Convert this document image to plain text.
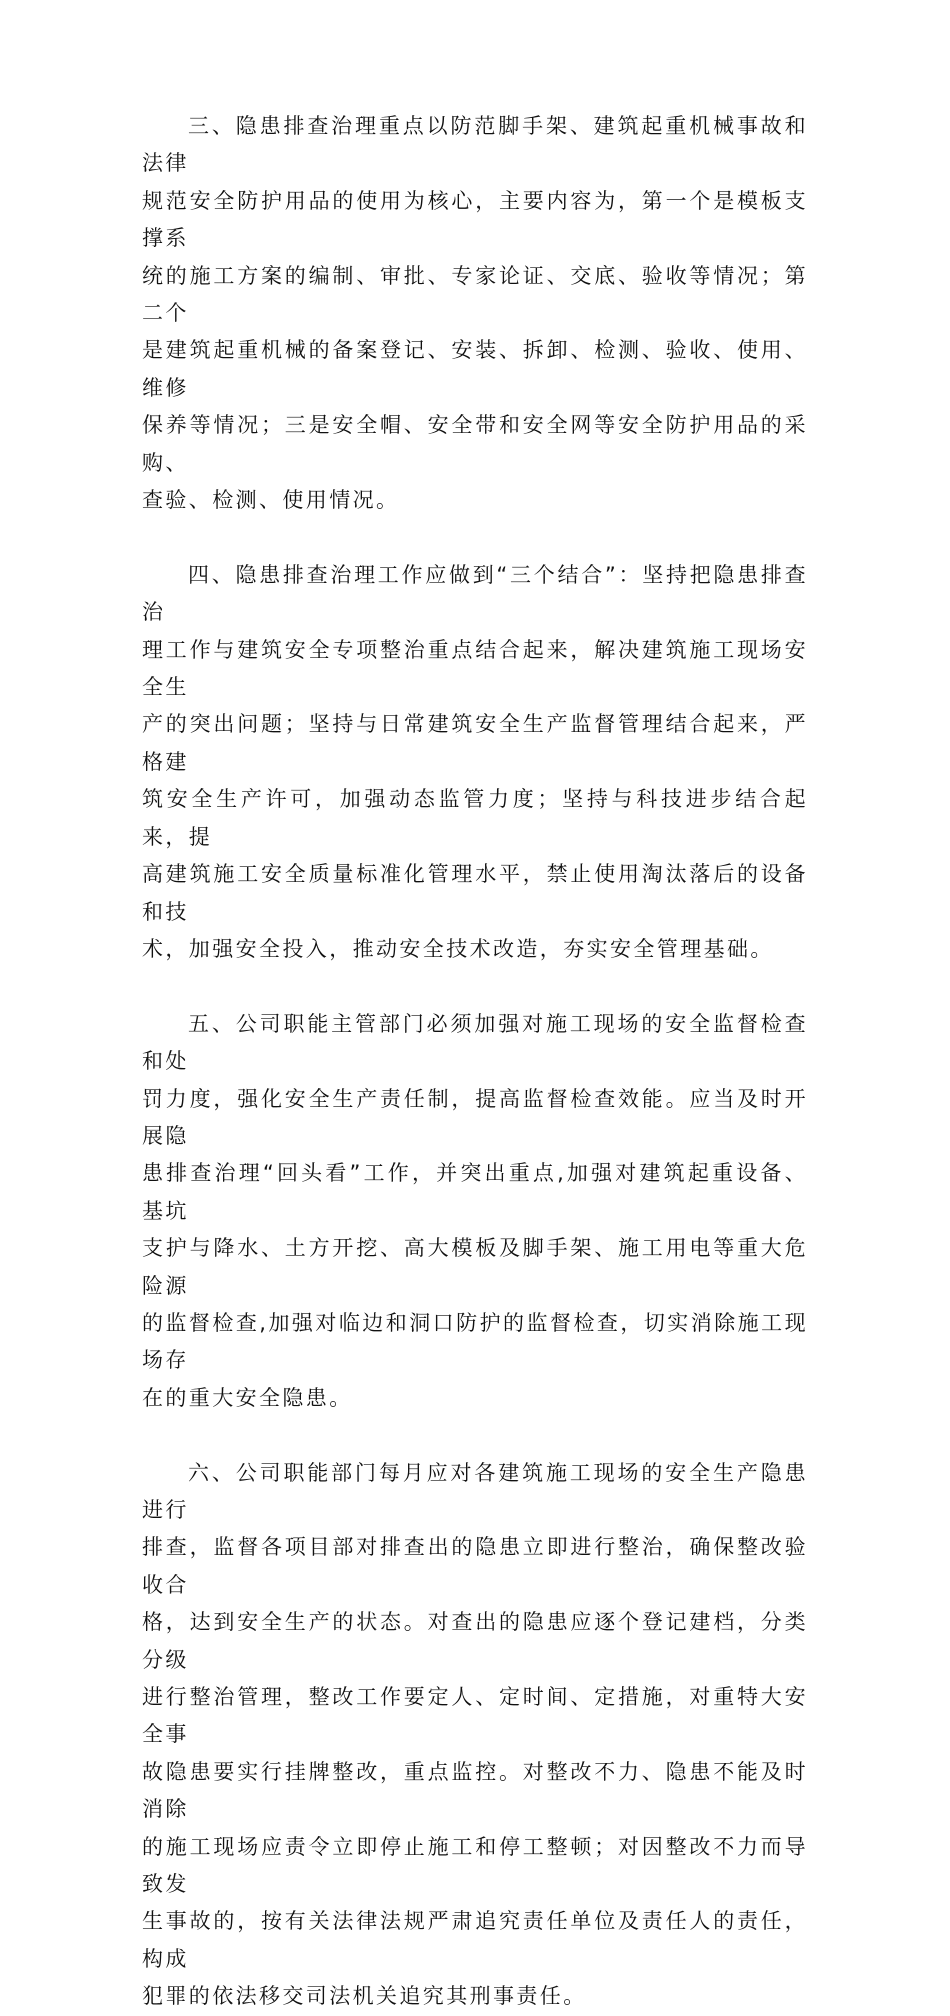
三、隐患排查治理重点以防范脚手架、建筑起重机械事故和法律
规范安全防护用品的使用为核心，主要内容为，第一个是模板支撑系
统的施工方案的编制、审批、专家论证、交底、验收等情况；第二个
是建筑起重机械的备案登记、安装、拆卸、检测、验收、使用、维修
保养等情况；三是安全帽、安全带和安全网等安全防护用品的采购、
查验、检测、使用情况。

四、隐患排查治理工作应做到“三个结合”：坚持把隐患排查治
理工作与建筑安全专项整治重点结合起来，解决建筑施工现场安全生
产的突出问题；坚持与日常建筑安全生产监督管理结合起来，严格建
筑安全生产许可，加强动态监管力度；坚持与科技进步结合起来，提
高建筑施工安全质量标准化管理水平，禁止使用淘汰落后的设备和技
术，加强安全投入，推动安全技术改造，夯实安全管理基础。

五、公司职能主管部门必须加强对施工现场的安全监督检查和处
罚力度，强化安全生产责任制，提高监督检查效能。应当及时开展隐
患排查治理“回头看”工作，并突出重点,加强对建筑起重设备、基坑
支护与降水、土方开挖、高大模板及脚手架、施工用电等重大危险源
的监督检查,加强对临边和洞口防护的监督检查，切实消除施工现场存
在的重大安全隐患。

六、公司职能部门每月应对各建筑施工现场的安全生产隐患进行
排查，监督各项目部对排查出的隐患立即进行整治，确保整改验收合
格，达到安全生产的状态。对查出的隐患应逐个登记建档，分类分级
进行整治管理，整改工作要定人、定时间、定措施，对重特大安全事
故隐患要实行挂牌整改，重点监控。对整改不力、隐患不能及时消除
的施工现场应责令立即停止施工和停工整顿；对因整改不力而导致发
生事故的，按有关法律法规严肃追究责任单位及责任人的责任，构成
犯罪的依法移交司法机关追究其刑事责任。
